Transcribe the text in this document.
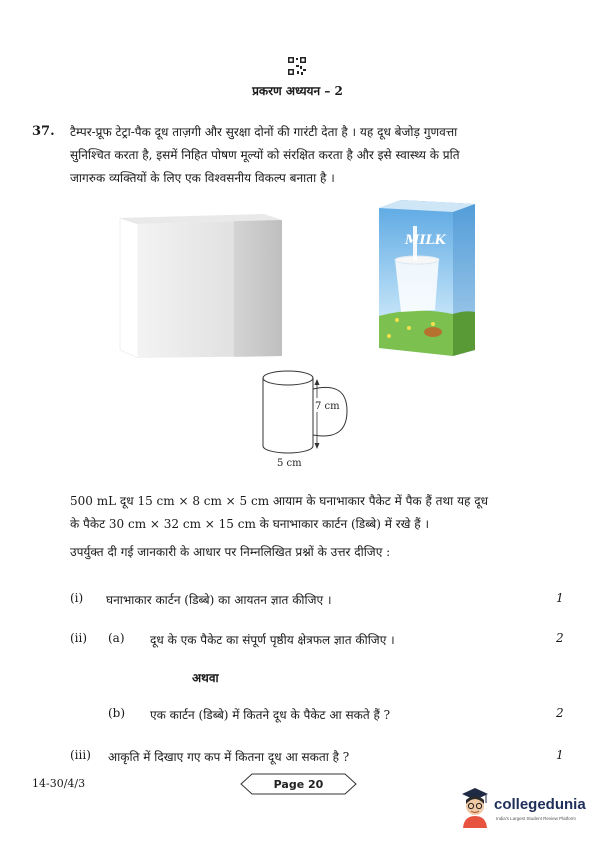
प्रकरण अध्ययन – 2
37. टैम्पर-प्रूफ टेट्रा-पैक दूध ताज़गी और सुरक्षा दोनों की गारंटी देता है । यह दूध बेजोड़ गुणवत्ता
सुनिश्चित करता है, इसमें निहित पोषण मूल्यों को संरक्षित करता है और इसे स्वास्थ्य के प्रति
जागरुक व्यक्तियों के लिए एक विश्वसनीय विकल्प बनाता है ।
MILK
7 cm
5 cm
500 mL दूध 15 cm × 8 cm × 5 cm आयाम के घनाभाकार पैकेट में पैक हैं तथा यह दूध
के पैकेट 30 cm × 32 cm × 15 cm के घनाभाकार कार्टन (डिब्बे) में रखे हैं ।
उपर्युक्त दी गई जानकारी के आधार पर निम्नलिखित प्रश्नों के उत्तर दीजिए :
(i) घनाभाकार कार्टन (डिब्बे) का आयतन ज्ञात कीजिए ।	1
(ii) (a) दूध के एक पैकेट का संपूर्ण पृष्ठीय क्षेत्रफल ज्ञात कीजिए ।	2
अथवा
(b) एक कार्टन (डिब्बे) में कितने दूध के पैकेट आ सकते हैं ?	2
(iii) आकृति में दिखाए गए कप में कितना दूध आ सकता है ?	1
14-30/4/3	Page 20
collegedunia
India's Largest Student Review Platform
